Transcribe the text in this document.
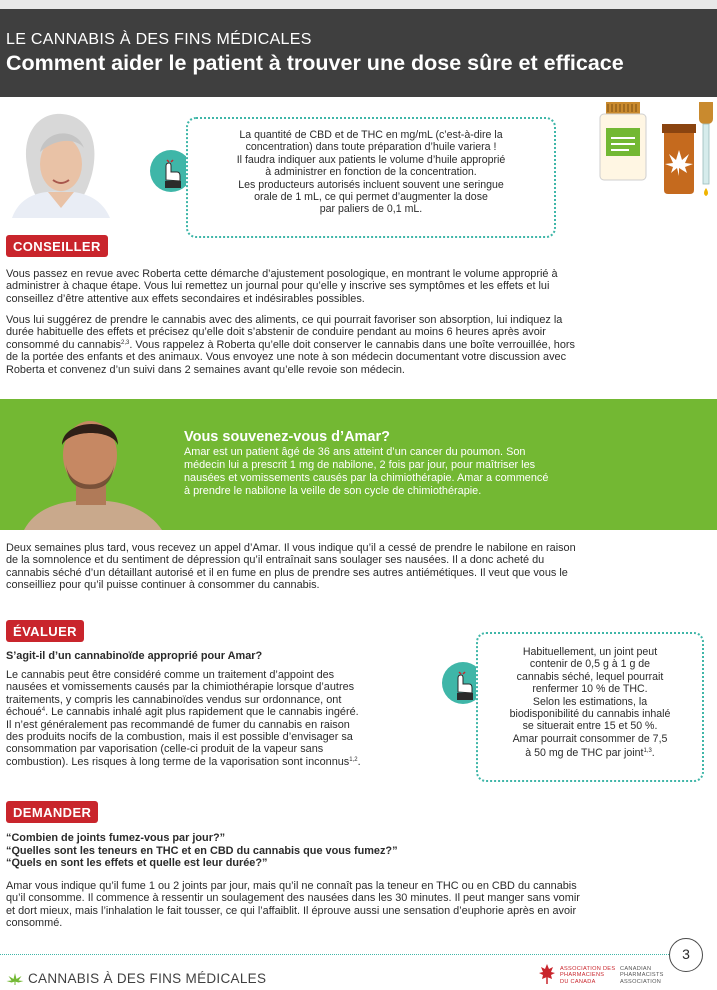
LE CANNABIS À DES FINS MÉDICALES
Comment aider le patient à trouver une dose sûre et efficace
La quantité de CBD et de THC en mg/mL (c’est-à-dire la
concentration) dans toute préparation d’huile variera !
Il faudra indiquer aux patients le volume d’huile approprié
à administrer en fonction de la concentration.
Les producteurs autorisés incluent souvent une seringue
orale de 1 mL, ce qui permet d’augmenter la dose
par paliers de 0,1 mL.
CONSEILLER
Vous passez en revue avec Roberta cette démarche d’ajustement posologique, en montrant le volume approprié à
administrer à chaque étape. Vous lui remettez un journal pour qu’elle y inscrive ses symptômes et les effets et lui
conseillez d’être attentive aux effets secondaires et indésirables possibles.
Vous lui suggérez de prendre le cannabis avec des aliments, ce qui pourrait favoriser son absorption, lui indiquez la
durée habituelle des effets et précisez qu’elle doit s’abstenir de conduire pendant au moins 6 heures après avoir
consommé du cannabis$^{2,3}$. Vous rappelez à Roberta qu’elle doit conserver le cannabis dans une boîte verrouillée, hors
de la portée des enfants et des animaux. Vous envoyez une note à son médecin documentant votre discussion avec
Roberta et convenez d’un suivi dans 2 semaines avant qu’elle revoie son médecin.
Vous souvenez-vous d’Amar?
Amar est un patient âgé de 36 ans atteint d’un cancer du poumon. Son
médecin lui a prescrit 1 mg de nabilone, 2 fois par jour, pour maîtriser les
nausées et vomissements causés par la chimiothérapie. Amar a commencé
à prendre le nabilone la veille de son cycle de chimiothérapie.
Deux semaines plus tard, vous recevez un appel d’Amar. Il vous indique qu’il a cessé de prendre le nabilone en raison
de la somnolence et du sentiment de dépression qu’il entraînait sans soulager ses nausées. Il a donc acheté du
cannabis séché d’un détaillant autorisé et il en fume en plus de prendre ses autres antiémétiques. Il veut que vous le
conseilliez pour qu’il puisse continuer à consommer du cannabis.
ÉVALUER
S’agit-il d’un cannabinoïde approprié pour Amar?
Le cannabis peut être considéré comme un traitement d’appoint des
nausées et vomissements causés par la chimiothérapie lorsque d’autres
traitements, y compris les cannabinoïdes vendus sur ordonnance, ont
échoué$^4$. Le cannabis inhalé agit plus rapidement que le cannabis ingéré.
Il n’est généralement pas recommandé de fumer du cannabis en raison
des produits nocifs de la combustion, mais il est possible d’envisager sa
consommation par vaporisation (celle-ci produit de la vapeur sans
combustion). Les risques à long terme de la vaporisation sont inconnus$^{1,2}$.
Habituellement, un joint peut
contenir de 0,5 g à 1 g de
cannabis séché, lequel pourrait
renfermer 10 % de THC.
Selon les estimations, la
biodisponibilité du cannabis inhalé
se situerait entre 15 et 50 %.
Amar pourrait consommer de 7,5
à 50 mg de THC par joint$^{1,3}$.
DEMANDER
“Combien de joints fumez-vous par jour?”
“Quelles sont les teneurs en THC et en CBD du cannabis que vous fumez?”
“Quels en sont les effets et quelle est leur durée?”
Amar vous indique qu’il fume 1 ou 2 joints par jour, mais qu’il ne connaît pas la teneur en THC ou en CBD du cannabis
qu’il consomme. Il commence à ressentir un soulagement des nausées dans les 30 minutes. Il peut manger sans vomir
et dort mieux, mais l’inhalation le fait tousser, ce qui l’affaiblit. Il éprouve aussi une sensation d’euphorie après en avoir
consommé.
3
CANNABIS À DES FINS MÉDICALES
ASSOCIATION DES
PHARMACIENS
DU CANADA
CANADIAN
PHARMACISTS
ASSOCIATION
